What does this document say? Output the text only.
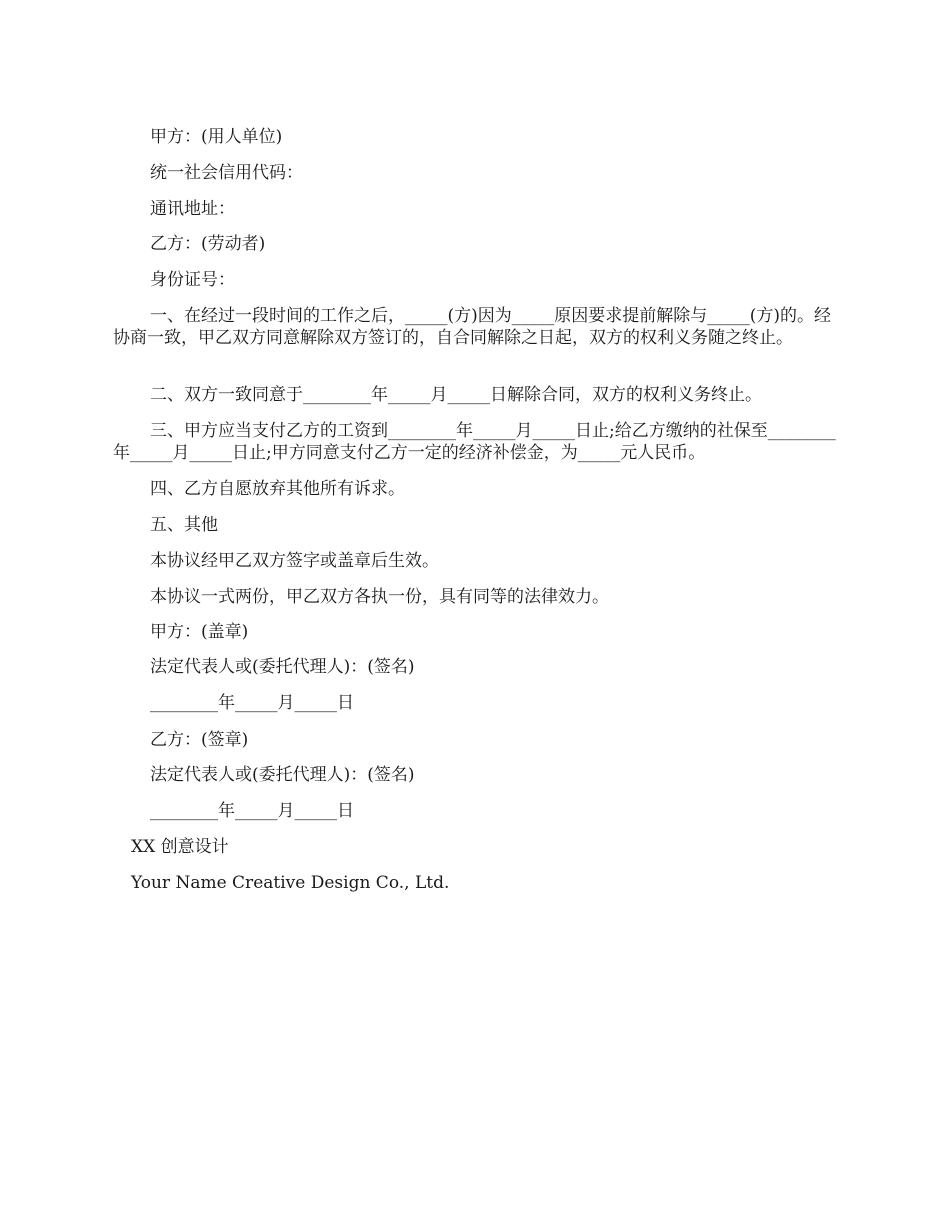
甲方：(用人单位)
统一社会信用代码：
通讯地址：
乙方：(劳动者)
身份证号：
一、在经过一段时间的工作之后，_____(方)因为_____原因要求提前解除与_____(方)的。经协商一致，甲乙双方同意解除双方签订的，自合同解除之日起，双方的权利义务随之终止。
二、双方一致同意于________年_____月_____日解除合同，双方的权利义务终止。
三、甲方应当支付乙方的工资到________年_____月_____日止;给乙方缴纳的社保至________年_____月_____日止;甲方同意支付乙方一定的经济补偿金，为_____元人民币。
四、乙方自愿放弃其他所有诉求。
五、其他
本协议经甲乙双方签字或盖章后生效。
本协议一式两份，甲乙双方各执一份，具有同等的法律效力。
甲方：(盖章)
法定代表人或(委托代理人)：(签名)
________年_____月_____日
乙方：(签章)
法定代表人或(委托代理人)：(签名)
________年_____月_____日
XX 创意设计
Your Name Creative Design Co., Ltd.
